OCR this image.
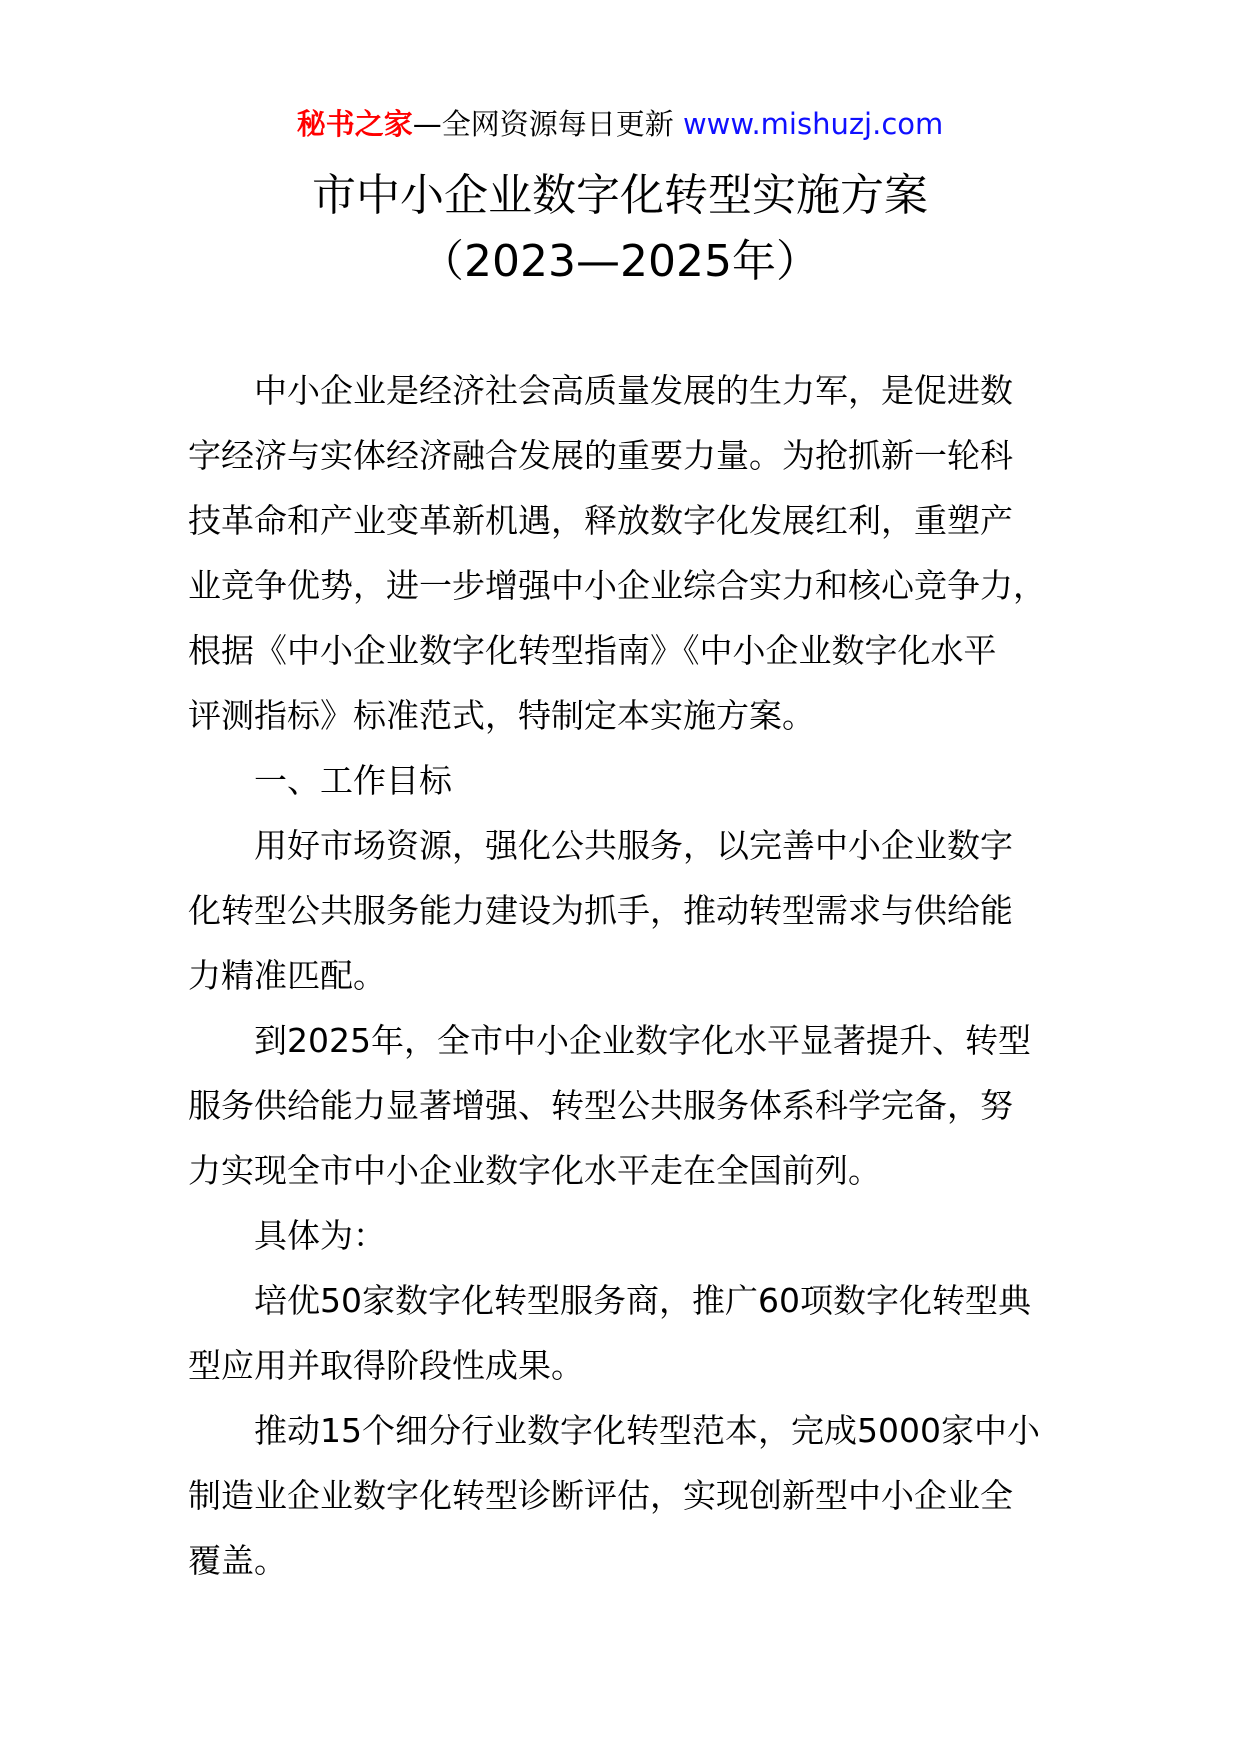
秘书之家—全网资源每日更新 www.mishuzj.com
市中小企业数字化转型实施方案
（2023—2025年）
中小企业是经济社会高质量发展的生力军，是促进数
字经济与实体经济融合发展的重要力量。为抢抓新一轮科
技革命和产业变革新机遇，释放数字化发展红利，重塑产
业竞争优势，进一步增强中小企业综合实力和核心竞争力，
根据《中小企业数字化转型指南》《中小企业数字化水平
评测指标》标准范式，特制定本实施方案。
一、工作目标
用好市场资源，强化公共服务，以完善中小企业数字
化转型公共服务能力建设为抓手，推动转型需求与供给能
力精准匹配。
到2025年，全市中小企业数字化水平显著提升、转型
服务供给能力显著增强、转型公共服务体系科学完备，努
力实现全市中小企业数字化水平走在全国前列。
具体为：
培优50家数字化转型服务商，推广60项数字化转型典
型应用并取得阶段性成果。
推动15个细分行业数字化转型范本，完成5000家中小
制造业企业数字化转型诊断评估，实现创新型中小企业全
覆盖。
